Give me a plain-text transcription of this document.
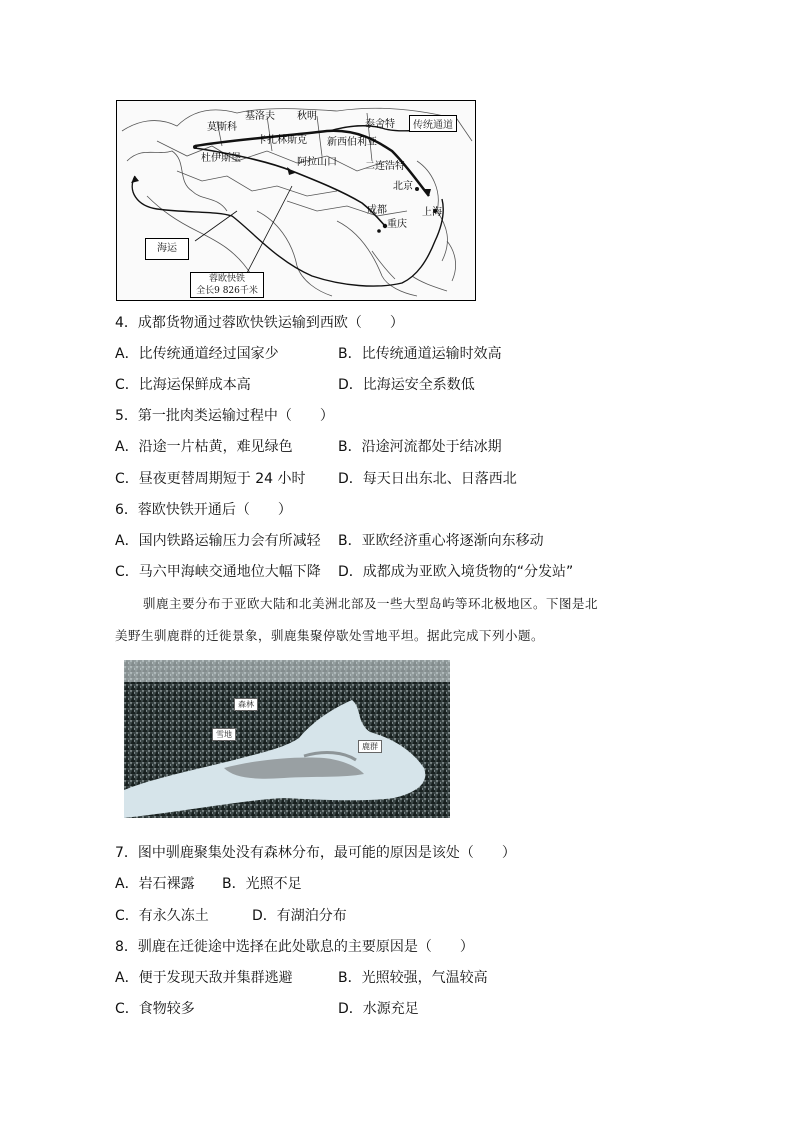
基洛夫 秋明
莫斯科	泰舍特	传统通道
卡扎林斯克 新西伯利亚
杜伊斯堡	阿拉山口	二连浩特
北京
成都
重庆
上海
海运
蓉欧快铁
全长9 826千米
4．成都货物通过蓉欧快铁运输到西欧（　　）
A．比传统通道经过国家少	B．比传统通道运输时效高
C．比海运保鲜成本高	D．比海运安全系数低
5．第一批肉类运输过程中（　　）
A．沿途一片枯黄，难见绿色	B．沿途河流都处于结冰期
C．昼夜更替周期短于 24 小时 D．每天日出东北、日落西北
6．蓉欧快铁开通后（　　）
A．国内铁路运输压力会有所减轻 B．亚欧经济重心将逐渐向东移动
C．马六甲海峡交通地位大幅下降 D．成都成为亚欧入境货物的“分发站”
驯鹿主要分布于亚欧大陆和北美洲北部及一些大型岛屿等环北极地区。下图是北
美野生驯鹿群的迁徙景象，驯鹿集聚停歇处雪地平坦。据此完成下列小题。
森林
雪地
鹿群
7．图中驯鹿聚集处没有森林分布，最可能的原因是该处（　　）
A．岩石裸露 B．光照不足
C．有永久冻土	D．有湖泊分布
8．驯鹿在迁徙途中选择在此处歇息的主要原因是（　　）
A．便于发现天敌并集群逃避	B．光照较强，气温较高
C．食物较多	D．水源充足
